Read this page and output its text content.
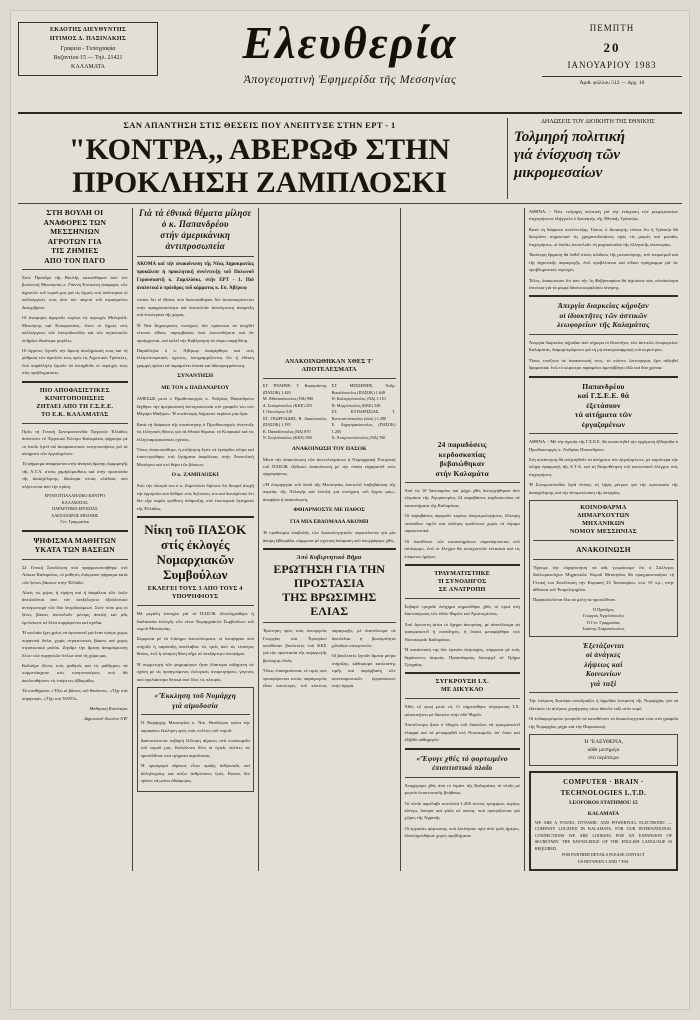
ΕΚΔΟΤΗΣ ΔΙΕΥΘΥΝΤΗΣ
ΗΤΙΜΟΣ Δ. ΠΑΞΙΝΑΚΗΣ
Γραφεία - Τυπογραφία
Βυζαντίου 15 — Τηλ. 21421
ΚΑΛΑΜΑΤΑ	Ελευθερία
Ἀπογευματινὴ Ἐφημερίδα τῆς Μεσσηνίας
ΠΕΜΠΤΗ
20
ΙΑΝΟΥΑΡΙΟΥ 1983
Ἀριθ. φύλλου 512 — Δρχ. 10
ΣΑΝ ΑΠΑΝΤΗΣΗ ΣΤΙΣ ΘΕΣΕΙΣ ΠΟΥ ΑΝΕΠΤΥΞΕ ΣΤΗΝ ΕΡΤ - 1
"ΚΟΝΤΡΑ,, ΑΒΕΡΩΦ ΣΤΗΝ
ΠΡΟΚΛΗΣΗ ΖΑΜΠΛΟΣΚΙ
ΔΗΛΩΣΕΙΣ ΤΟΥ ΔΙΟΙΚΗΤΗ ΤΗΣ ΕΘΝΙΚΗΣ
Τολμηρή πολιτική
γιά ἐνίσχυση τῶν
μικρομεσαίων
ΣΤΗ ΒΟΥΛΗ ΟΙ
ΑΝΑΦΟΡΕΣ ΤΩΝ
ΜΕΣΣΗΝΙΩΝ
ΑΓΡΟΤΩΝ ΓΙΑ
ΤΙΣ ΖΗΜΙΕΣ
ΑΠΟ ΤΟΝ ΠΑΓΟ

Στόν Πρόεδρο τῆς Βουλῆς κατατέθηκαν ἀπό τόν βουλευτή Μεσσηνίας κ. Γιάννη Κοτσώνη ἀναφορές τῶν ἀγροτῶν τοῦ νομοῦ μας γιά τίς ζημιές πού ὑπέστησαν οἱ καλλιέργειές τους ἀπό τόν παγετό τοῦ περασμένου Δεκεμβρίου.

Οἱ ἀναφορές ἀφοροῦν κυρίως τίς περιοχές Μελιγαλᾶ, Μεσσήνης καί Κυπαρισσίας, ὅπου οἱ ζημιές στίς καλλιέργειες τῶν ἐσπεριδοειδῶν καί τῶν κηπευτικῶν ὑπῆρξαν ἰδιαίτερα μεγάλες.

Οἱ ἀγρότες ζητοῦν τήν ἄμεση ἀποζημίωσή τους καί τή ρύθμιση τῶν ὀφειλῶν τους πρός τίς Ἀγροτικές Τράπεζες, ἐνῶ παράλληλα ζητοῦν νά ἐνταχθοῦν οἱ περιοχές τους στίς προβληματικές.

ΠΙΟ ΑΠΟΦΑΣΙΣΤΙΚΕΣ
ΚΙΝΗΤΟΠΟΙΗΣΕΙΣ
ΖΗΤΑΕΙ ΑΠΟ ΤΗ Γ.Σ.Ε.Ε.
ΤΟ Ε.Κ. ΚΑΛΑΜΑΤΑΣ

Πρός τή Γενική Συνομοσπονδία Ἐργατῶν Ἑλλάδος ἀπέστειλε τό Ἐργατικό Κέντρο Καλαμάτας ψήφισμα μέ τό ὁποῖο ζητεῖ πιό ἀποφασιστικές κινητοποιήσεις γιά τά αἰτήματα τῶν ἐργαζομένων.

Τό ψήφισμα ἀναφέρεται στήν ἀνάγκη ἄμεσης ἐφαρμογῆς τῆς Α.Τ.Α. στούς χαμηλόμισθους καί στήν προστασία τῆς ἀπασχόλησης, ἰδιαίτερα στούς κλάδους πού πλήττονται ἀπό τήν κρίση.

ΕΡΓΑΤΟΫΠΑΛΛΗΛΙΚΟ ΚΕΝΤΡΟ
ΚΑΛΑΜΑΤΑΣ
ΠΑΡΑΡΤΗΜΑ ΕΡΓΑΣΙΑΣ
ΑΛΕΞΑΝΔΡΟΣ ΜΠΑΝΗΣ
Γεν. Γραμματέας
ΨΗΦΙΣΜΑ ΜΑΘΗΤΩΝ
ΥΚΑΤΑ ΤΩΝ ΒΑΣΕΩΝ

Σέ Γενική Συνέλευση πού πραγματοποιήθηκε στό Λύκειο Καλαμάτας, οἱ μαθητές ἐνέκριναν ψήφισμα κατά τῶν ξένων βάσεων στήν Ἑλλάδα.

Αὐτές τίς μέρες ἡ εἰρήνη καί ἡ ἀσφάλεια τῶν λαῶν ἀπειλοῦνται ἀπό τόν ἀνεξέλεγκτο ἐξοπλιστικό ἀνταγωνισμό τῶν δύο ὑπερδυνάμεων. Στόν τόπο μας οἱ ξένες βάσεις ἀποτελοῦν μόνιμη ἀπειλή καί μᾶς ἐμπλέκουν σέ ξένα συμφέροντα καί σχέδια.

Ἡ νεολαία ἔχει χρέος νά ἀγωνιστεῖ γιά ἕναν κόσμο χωρίς πυρηνικά ὅπλα, χωρίς στρατιωτικές βάσεις καί χωρίς στρατιωτικά μπλόκ. Ζητᾶμε τήν ἄμεση ἀπομάκρυνση ὅλων τῶν πυρηνικῶν ὅπλων ἀπό τή χώρα μας.

Καλοῦμε ὅλους τούς μαθητές καί τίς μαθήτριες νά συμμετάσχουν στίς κινητοποιήσεις πού θά ἀκολουθήσουν τίς ἑπόμενες ἑβδομάδες.

Τά συνθήματα: «Ἔξω οἱ βάσεις τοῦ θανάτου», «Ὄχι στά πυρηνικά», «Ὄχι στό ΝΑΤΟ».

Μαθητική Κοινότητα
Δημοτικοῦ Λυκείου Α'Β'
Γιά τά ἐθνικά θέματα μίλησε ὁ κ. Παπανδρέου
στήν ἀμερικάνικη ἀντιπροσωπεία

ΑΚΟΜΑ καί τήν ἀνακοίνωση τῆς Νέας Δημοκρατίας προκάλεσε ἡ προκλητική συνέντευξη τοῦ Πολωνοῦ Γερουσιαστῆ κ. Ζαμπλόσκι, στήν ΕΡΤ - 1. Πιό ἀναλυτικά ὁ πρόεδρος τοῦ κόμματος κ. Εὐ. Ἀβέρωφ

τόνισε ὅτι οἱ θέσεις πού διατυπώθηκαν δέν ἀνταποκρίνονται στήν πραγματικότητα καί ἀποτελοῦν ἀνεπίτρεπτη ἀνάμειξη στά ἐσωτερικά τῆς χώρας.

Ἡ Νέα Δημοκρατία, συνέχισε, δέν πρόκειται νά ἀνεχθεῖ τέτοιου εἴδους παρεμβάσεις ἀπό ὁποιονδήποτε καί ἄν προέρχονται, καί καλεῖ τήν Κυβέρνηση νά πάρει σαφή θέση.

Παράλληλα ὁ κ. Ἀβέρωφ ἀναφέρθηκε καί στίς ἑλληνοτουρκικές σχέσεις, ὑπογραμμίζοντας ὅτι ἡ ἐθνική γραμμή πρέπει νά παραμείνει ἑνιαία καί ἀδιαπραγμάτευτη.

ΣΥΝΑΝΤΗΣΗ
ΜΕ ΤΟΝ κ ΠΑΠΑΝΔΡΕΟΥ

ΑΜΕΣΩΣ μετά ὁ Πρωθυπουργός κ. Ἀνδρέας Παπανδρέου δέχθηκε τήν ἀμερικανική ἀντιπροσωπεία στό γραφεῖο του στό Μέγαρο Μαξίμου. Ἡ συνάντηση διήρκεσε περίπου μία ὥρα.

Κατά τή διάρκεια τῆς συνάντησης ὁ Πρωθυπουργός ἀνέπτυξε τίς ἑλληνικές θέσεις γιά τά ἐθνικά θέματα, τό Κυπριακό καί τίς ἑλληνοαμερικανικές σχέσεις.

Ὅπως ἀνακοινώθηκε, ἡ συζήτηση ἔγινε σέ ἐγκάρδιο κλίμα καί ἐπικεντρώθηκε στά ζητήματα ἀσφάλειας στήν Ἀνατολική Μεσόγειο καί στό θέμα τῶν βάσεων.

Ο κ. ΖΑΜΠΛΟΣΚΙ

Ἀπό τήν πλευρά του ὁ κ. Ζαμπλόσκι δήλωσε ὅτι θεωρεῖ ἀτυχῆ τήν ἑρμηνεία πού δόθηκε στίς δηλώσεις του καί διευκρίνισε ὅτι δέν εἶχε καμία πρόθεση ἀνάμειξης στά ἐσωτερικά ζητήματα τῆς Ἑλλάδας.

Νίκη τοῦ ΠΑΣΟΚ στίς ἐκλογές
Νομαρχιακῶν Συμβούλων
ΕΚΛΕΓΕΙ ΤΟΥΣ 3 ΑΠΟ ΤΟΥΣ 4 ΥΠΟΨΗΦΙΟΥΣ

Μέ μεγάλη ἐπιτυχία γιά τό ΠΑΣΟΚ ὁλοκληρώθηκε ἡ διαδικασία ἐκλογῆς τῶν νέων Νομαρχιακῶν Συμβούλων τοῦ νομοῦ Μεσσηνίας.

Σύμφωνα μέ τά ἐπίσημα ἀποτελέσματα, οἱ ὑποψήφιοι πού στήριξε ἡ παράταξη κατέλαβαν τίς τρεῖς ἀπό τίς τέσσερις θέσεις, ἐνῶ ἡ τέταρτη θέση πῆγε σέ ἀνεξάρτητο ὑποψήφιο.

Ἡ συμμετοχή τῶν ψηφοφόρων ἦταν ἰδιαίτερα αὐξημένη σέ σχέση μέ τίς προηγούμενες ἐκλογικές ἀναμετρήσεις, γεγονός πού σχολιάστηκε θετικά ἀπό ὅλες τίς πλευρές.

«Ἔκκληση τοῦ Νομάρχη
γιά αἱμοδοσία

Ὁ Νομάρχης Μεσσηνίας κ. Νικ. Θεοδώρου κάνει τήν παρακάτω ἔκκληση πρός τούς πολίτες τοῦ νομοῦ:

Διαπιστώνεται σοβαρή ἔλλειψη αἵματος στά νοσοκομεῖα τοῦ νομοῦ μας. Καλοῦνται ὅλοι οἱ ὑγιεῖς πολίτες νά προσέλθουν στά τμήματα αἱμοδοσίας.

Ἡ προσφορά αἵματος εἶναι πράξη ἀνθρωπιᾶς καί ἀλληλεγγύης καί σώζει ἀνθρώπινες ζωές. Κανείς δέν πρέπει νά μείνει ἀδιάφορος.

ΑΝΑΚΟΙΝΩΘΗΚΑΝ ΧΘΕΣ Τ' ΑΠΟΤΕΛΕΣΜΑΤΑ
ΣΤ. ΠΥΛΗΝΕ, Γ. Καραγιάννης (ΠΑΣΟΚ) 1.420
Μ. Ἀθανασόπουλος (ΝΔ) 980
Δ. Σταυρόπουλος (ΚΚΕ) 455
Ι. Οἰκονόμου 310
ΣΤ. ΓΕΩΡΓΙΑΔΗΣ, Β. Λιακόπουλος (ΠΑΣΟΚ) 1.185
Κ. Παπαδόπουλος (ΝΔ) 870
Ν. Σπηλιόπουλος (ΚΚΕ) 390
ΣΤ. ΜΕΣΣΗΝΗΣ, Ἀνδρ. Βασιλόπουλος (ΠΑΣΟΚ) 1.640
Θ. Καλογερόπουλος (ΝΔ) 1.110
Π. Μητρόπουλος (ΚΚΕ) 520
ΣΤ. ΚΥΠΑΡΙΣΣΙΑΣ, Ἰ. Κωνσταντόπουλος (ἀνεξ.) 1.290
Ε. Δημητρακόπουλος (ΠΑΣΟΚ) 1.205
Χ. Ἀναγνωστόπουλος (ΝΔ) 760
ΑΝΑΚΟΙΝΩΣΗ ΤΟΥ ΠΑΣΟΚ

Μετά τήν ἀνακοίνωση τῶν ἀποτελεσμάτων ἡ Νομαρχιακή Ἐπιτροπή τοῦ ΠΑΣΟΚ ἐξέδωσε ἀνακοίνωση μέ τήν ὁποία εὐχαριστεῖ τούς ψηφοφόρους.

«Ἡ ἐτυμηγορία τοῦ λαοῦ τῆς Μεσσηνίας ἀποτελεῖ ἐπιβεβαίωση τῆς πορείας τῆς Ἀλλαγῆς καί ἐντολή γιά συνέχιση τοῦ ἔργου μας», ἀναφέρει ἡ ἀνακοίνωση.

ΦΘΙΑΡΜΟΣΤΕ ΜΕ ΠΑΘΟΣ
ΓΙΑ ΜΙΑ ΕΒΔΟΜΑΔΑ ΑΚΟΜΗ

Ἡ προθεσμία ὑποβολῆς τῶν δικαιολογητικῶν παρατείνεται γιά μία ἀκόμη ἑβδομάδα, σύμφωνα μέ σχετική ἀπόφαση πού ὑπογράφηκε χθές.

Ἀπό Κυβερνητικό Βῆμα
ΕΡΩΤΗΣΗ ΓΙΑ ΤΗΝ ΠΡΟΣΤΑΣΙΑ
ΤΗΣ ΒΡΩΣΙΜΗΣ ΕΛΙΑΣ

Ἐρώτηση πρός τούς ὑπουργούς Γεωργίας καί Ἐμπορίου κατέθεσαν βουλευτές τοῦ ΚΚΕ γιά τήν προστασία τῆς παραγωγῆς βρώσιμης ἐλιᾶς.

Ὅπως ἐπισημαίνεται, οἱ τιμές πού προσφέρονται στούς παραγωγούς εἶναι κατώτερες τοῦ κόστους παραγωγῆς, μέ ἀποτέλεσμα νά ἀπειλεῖται ἡ βιωσιμότητα χιλιάδων οἰκογενειῶν.

Οἱ βουλευτές ζητοῦν ἄμεσα μέτρα στήριξης, καθορισμό κατώτατης τιμῆς καί παρέμβαση τῶν συνεταιριστικῶν ὀργανώσεων στήν ἀγορά.

24 παραδόσεις
κερδοσκοπίας
βεβαιώθηκαν
στήν Καλαμάτα

Ἀπό τίς 10 Ἰανουαρίου καί μέχρι χθές διενεργήθηκαν ἀπό κλιμάκιο τῆς Ἀγορανομίας 24 παραβάσεις κερδοσκοπίας σέ καταστήματα τῆς Καλαμάτας.

Οἱ παραβάσεις ἀφοροῦν κυρίως ὑπερτιμολογήσεις, ἔλλειψη πινακίδων τιμῶν καί πώληση προϊόντων χωρίς τά νόμιμα παραστατικά.

Οἱ ὑπεύθυνοι τῶν καταστημάτων παραπέμπονται στό αὐτόφωρο, ἐνῶ οἱ ἔλεγχοι θά συνεχιστοῦν ἐντατικά καί τίς ἑπόμενες ἡμέρες.

ΤΡΑΥΜΑΤΙΣΤΗΚΕ
Ή ΣΥΝΟΔΗΓΟΣ
ΣΕ ΑΝΑΤΡΟΠΗ

Σοβαρό τροχαῖο ἀτύχημα σημειώθηκε χθές τό πρωί στή διασταύρωση τῶν ὁδῶν Φαρῶν καί Ἀριστομένους.

Ἀπό ἄγνωστη αἰτία τό ὄχημα ἀνετράπη, μέ ἀποτέλεσμα νά τραυματιστεῖ ἡ συνοδηγός, ἡ ὁποία μεταφέρθηκε στό Νοσοκομεῖο Καλαμάτας.

Ἡ κατάστασή της δέν ἐμπνέει ἀνησυχίες, σύμφωνα μέ τούς θεράποντες ἰατρούς. Προανάκριση διενεργεῖ τό Τμῆμα Τροχαίας.

ΣΥΓΚΡΟΥΣΗ Ι.Χ.
ΜΕ ΔΙΚΥΚΛΟ

Χθές τό πρωί μετά τίς 11 σημειώθηκε σύγκρουση Ι.Χ. αὐτοκινήτου μέ δίκυκλο στήν ὁδό Ψαρῶν.

Ἀποτέλεσμα ἦταν ὁ ὁδηγός τοῦ δικύκλου νά τραυματιστεῖ ἐλαφρά καί νά μεταφερθεῖ στό Νοσοκομεῖο, ἀπ' ὅπου καί ἐξῆλθε αὐθημερόν.

«Ἔφυγε χθές τό φορτωμένο
ἐπισιτιστικό πλοῖο

Ἀναχώρησε χθές ἀπό τό λιμάνι τῆς Καλαμάτας τό πλοῖο μέ φορτίο ἐπισιτιστικῆς βοήθειας.

Τό πλοῖο παρέλαβε συνολικά 1.200 τόνους τροφίμων, κυρίως ἀλεύρι, ὄσπρια καί γάλα σέ σκόνη, πού προορίζονται γιά χῶρες τῆς Ἀφρικῆς.

Οἱ ἐργασίες φόρτωσης, πού ξεκίνησαν πρίν ἀπό τρεῖς ἡμέρες, ὁλοκληρώθηκαν χωρίς προβλήματα.

ΑΘΗΝΑ. - Νέα, τολμηρή πολιτική γιά τήν ἐνίσχυση τῶν μικρομεσαίων ἐπιχειρήσεων ἐξήγγειλε ὁ Διοικητής τῆς Ἐθνικῆς Τράπεζας.

Κατά τή διάρκεια συνέντευξης Τύπου, ὁ Διοικητής τόνισε ὅτι ἡ Τράπεζα θά διευρύνει σημαντικά τίς χρηματοδοτήσεις πρός τίς μικρές καί μεσαῖες ἐπιχειρήσεις, οἱ ὁποῖες ἀποτελοῦν τή ραχοκοκαλιά τῆς ἑλληνικῆς οἰκονομίας.

Ἰδιαίτερη ἔμφαση θά δοθεῖ στούς κλάδους τῆς μεταποίησης, τοῦ τουρισμοῦ καί τῆς ἀγροτικῆς παραγωγῆς, ἐνῶ προβλέπεται καί εἰδικό πρόγραμμα γιά τίς προβληματικές περιοχές.

Τέλος, ἀνακοίνωσε ὅτι ἀπό τήν 1η Φεβρουαρίου θά ἰσχύσουν νέα, εὐνοϊκότερα ἐπιτόκια γιά τά μικρά δάνεια κεφαλαίου κίνησης.

Ἀπεργία διαρκείας κήρυξαν
οἱ ἰδιοκτῆτες τῶν ἀστικῶν
λεωφορείων τῆς Καλαμάτας

Ἀπεργία διαρκείας κήρυξαν ἀπό σήμερα οἱ ἰδιοκτῆτες τῶν ἀστικῶν λεωφορείων Καλαμάτας, διαμαρτυρόμενοι γιά τή μή ἀναπροσαρμογή τοῦ κομίστρου.

Ὅπως τονίζουν σέ ἀνακοίνωσή τους, τό κόστος λειτουργίας ἔχει αὐξηθεῖ δραματικά, ἐνῶ τό κόμιστρο παραμένει ἀμετάβλητο ἐδῶ καί δύο χρόνια.

Παπανδρέου
καί Γ.Σ.Ε.Ε. θά
ἐξετάσουν
τά αἰτήματα τῶν
ἐργαζομένων

ΑΘΗΝΑ. - Μέ τήν ἡγεσία τῆς Γ.Σ.Ε.Ε. θά συναντηθεῖ τήν ἐρχόμενη ἑβδομάδα ὁ Πρωθυπουργός κ. Ἀνδρέας Παπανδρέου.

Στή συνάντηση θά συζητηθοῦν τά αἰτήματα τῶν ἐργαζομένων, μέ κυριότερα τήν πλήρη ἐφαρμογή τῆς Α.Τ.Α. καί τή θεσμοθέτηση τοῦ κοινωνικοῦ ἐλέγχου στίς ἐπιχειρήσεις.

Ἡ Συνομοσπονδία ζητᾶ ἐπίσης τή λήψη μέτρων γιά τήν προστασία τῆς ἀπασχόλησης καί τήν ἀντιμετώπιση τῆς ἀνεργίας.

ΚΟΙΝΟΦΑΡΜΑ
ΔΗΜΑΡΧΟΥΤΩΝ
ΜΗΧΑΝΙΚΩΝ
ΝΟΜΟΥ ΜΕΣΣΗΝΙΑΣ
ΑΝΑΚΟΙΝΩΣΗ

Ἔχουμε τήν εὐχαρίστηση νά σᾶς γνωρίσουμε ὅτι ὁ Σύλλογος Διπλωματούχων Μηχανικῶν Νομοῦ Μεσσηνίας θά πραγματοποιήσει τή Γενική του Συνέλευση τήν Κυριακή 23 Ἰανουαρίου, στίς 10 π.μ., στήν αἴθουσα τοῦ Ἐπιμελητηρίου.

Παρακαλοῦνται ὅλα τά μέλη νά προσέλθουν.

Ὁ Πρόεδρος
Γεώργιος Ἀγγελόπουλος
Ὁ Γεν. Γραμματέας
Ἰωάννης Σταματόπουλος
Ἐξετάζονται
οἱ ἀνάγκες
λήψεως καί
Κοινωνίων
γιά ταξί

Τήν ἑπόμενη Δευτέρα συνεδριάζει ἡ ἁρμόδια ἐπιτροπή τῆς Νομαρχίας γιά νά ἐξετάσει τίς αἰτήσεις χορήγησης νέων ἀδειῶν ταξί στόν νομό.

Οἱ ἐνδιαφερόμενοι μποροῦν νά καταθέτουν τά δικαιολογητικά τους στά γραφεῖα τῆς Νομαρχίας μέχρι καί τήν Παρασκευή.

Ἡ "ΕΛΕΥΘΕΡΙΑ,
κάθε μεσημέρι
στό περίπτερο
COMPUTER · BRAIN · TECHNOLOGIES L.T.D.
LEOFOROS STATHMOU 15
KALAMATA
WE ARE A YOUNG, DYNAMIC AND POWERFULL ELECTRONIC — COMPANY LOCATED IN KALAMATA. FOR OUR INTERNATIONAL CONNECTIONS WE ARE LOOKING FOR AN EXPANSION OF SECRETARY. THE KNOWLEDGE OF THE ENGLISH LANGUAGE IS REQUIRED.
FOR FURTHER DETAILS PLEASE CONTACT
US BETWEEN 3 AND 7 P.M.
